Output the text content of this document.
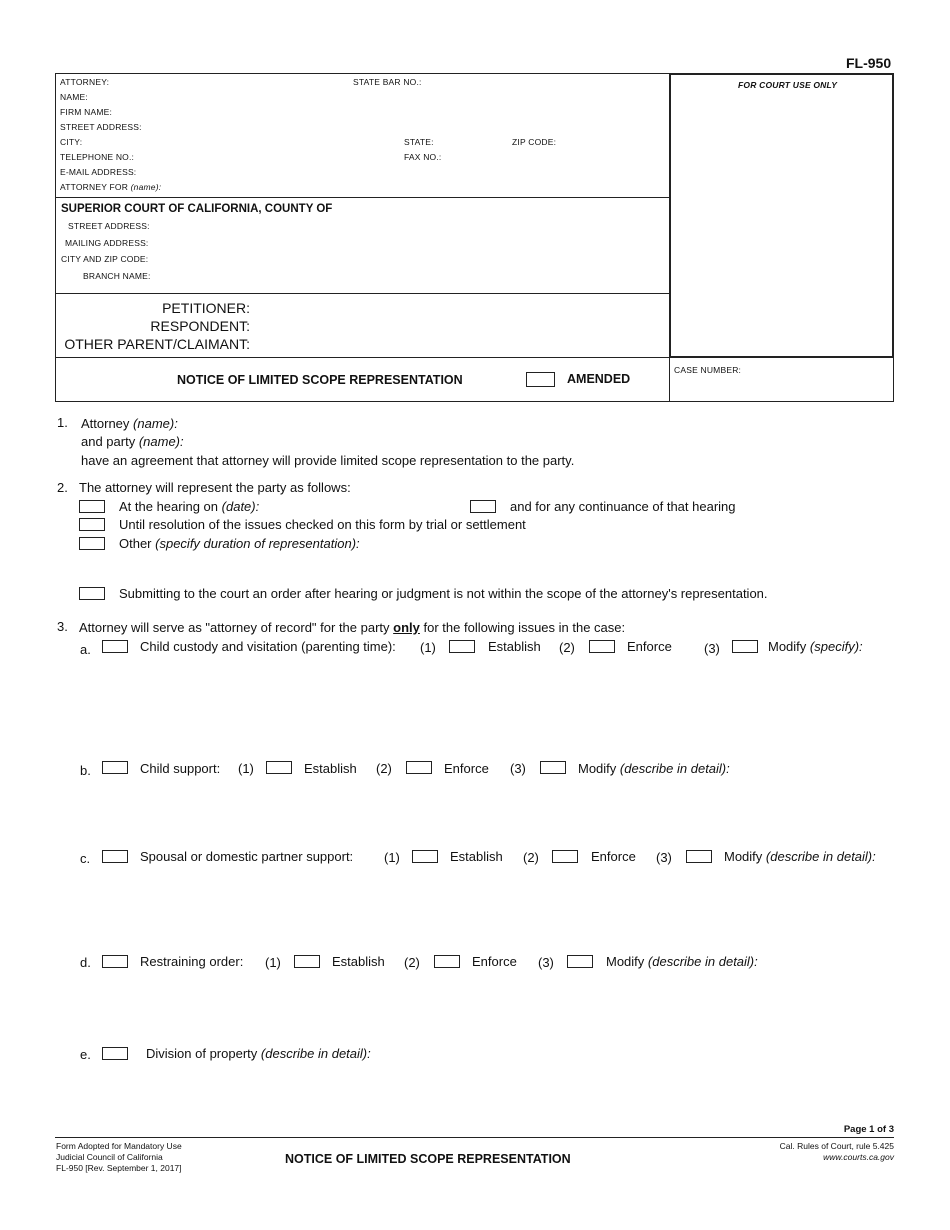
FL-950
FOR COURT USE ONLY
ATTORNEY:	STATE BAR NO.:
NAME:
FIRM NAME:
STREET ADDRESS:
CITY:	STATE:	ZIP CODE:
TELEPHONE NO.:	FAX NO.:
E-MAIL ADDRESS:
ATTORNEY FOR (name):
SUPERIOR COURT OF CALIFORNIA, COUNTY OF
STREET ADDRESS:
MAILING ADDRESS:
CITY AND ZIP CODE:
BRANCH NAME:
PETITIONER:
RESPONDENT:
OTHER PARENT/CLAIMANT:
NOTICE OF LIMITED SCOPE REPRESENTATION	AMENDED
CASE NUMBER:
1. Attorney (name):
and party (name):
have an agreement that attorney will provide limited scope representation to the party.
2. The attorney will represent the party as follows:
At the hearing on (date):	and for any continuance of that hearing
Until resolution of the issues checked on this form by trial or settlement
Other (specify duration of representation):
Submitting to the court an order after hearing or judgment is not within the scope of the attorney's representation.
3. Attorney will serve as "attorney of record" for the party only for the following issues in the case:
a.	Child custody and visitation (parenting time): (1)	Establish (2)	Enforce (3)	Modify (specify):
b.	Child support: (1)	Establish (2)	Enforce (3)	Modify (describe in detail):
c.	Spousal or domestic partner support: (1)	Establish (2)	Enforce (3)	Modify (describe in detail):
d.	Restraining order: (1)	Establish (2)	Enforce (3)	Modify (describe in detail):
e.	Division of property (describe in detail):
Page 1 of 3
Form Adopted for Mandatory Use
Judicial Council of California
FL-950 [Rev. September 1, 2017]
NOTICE OF LIMITED SCOPE REPRESENTATION
Cal. Rules of Court, rule 5.425
www.courts.ca.gov
